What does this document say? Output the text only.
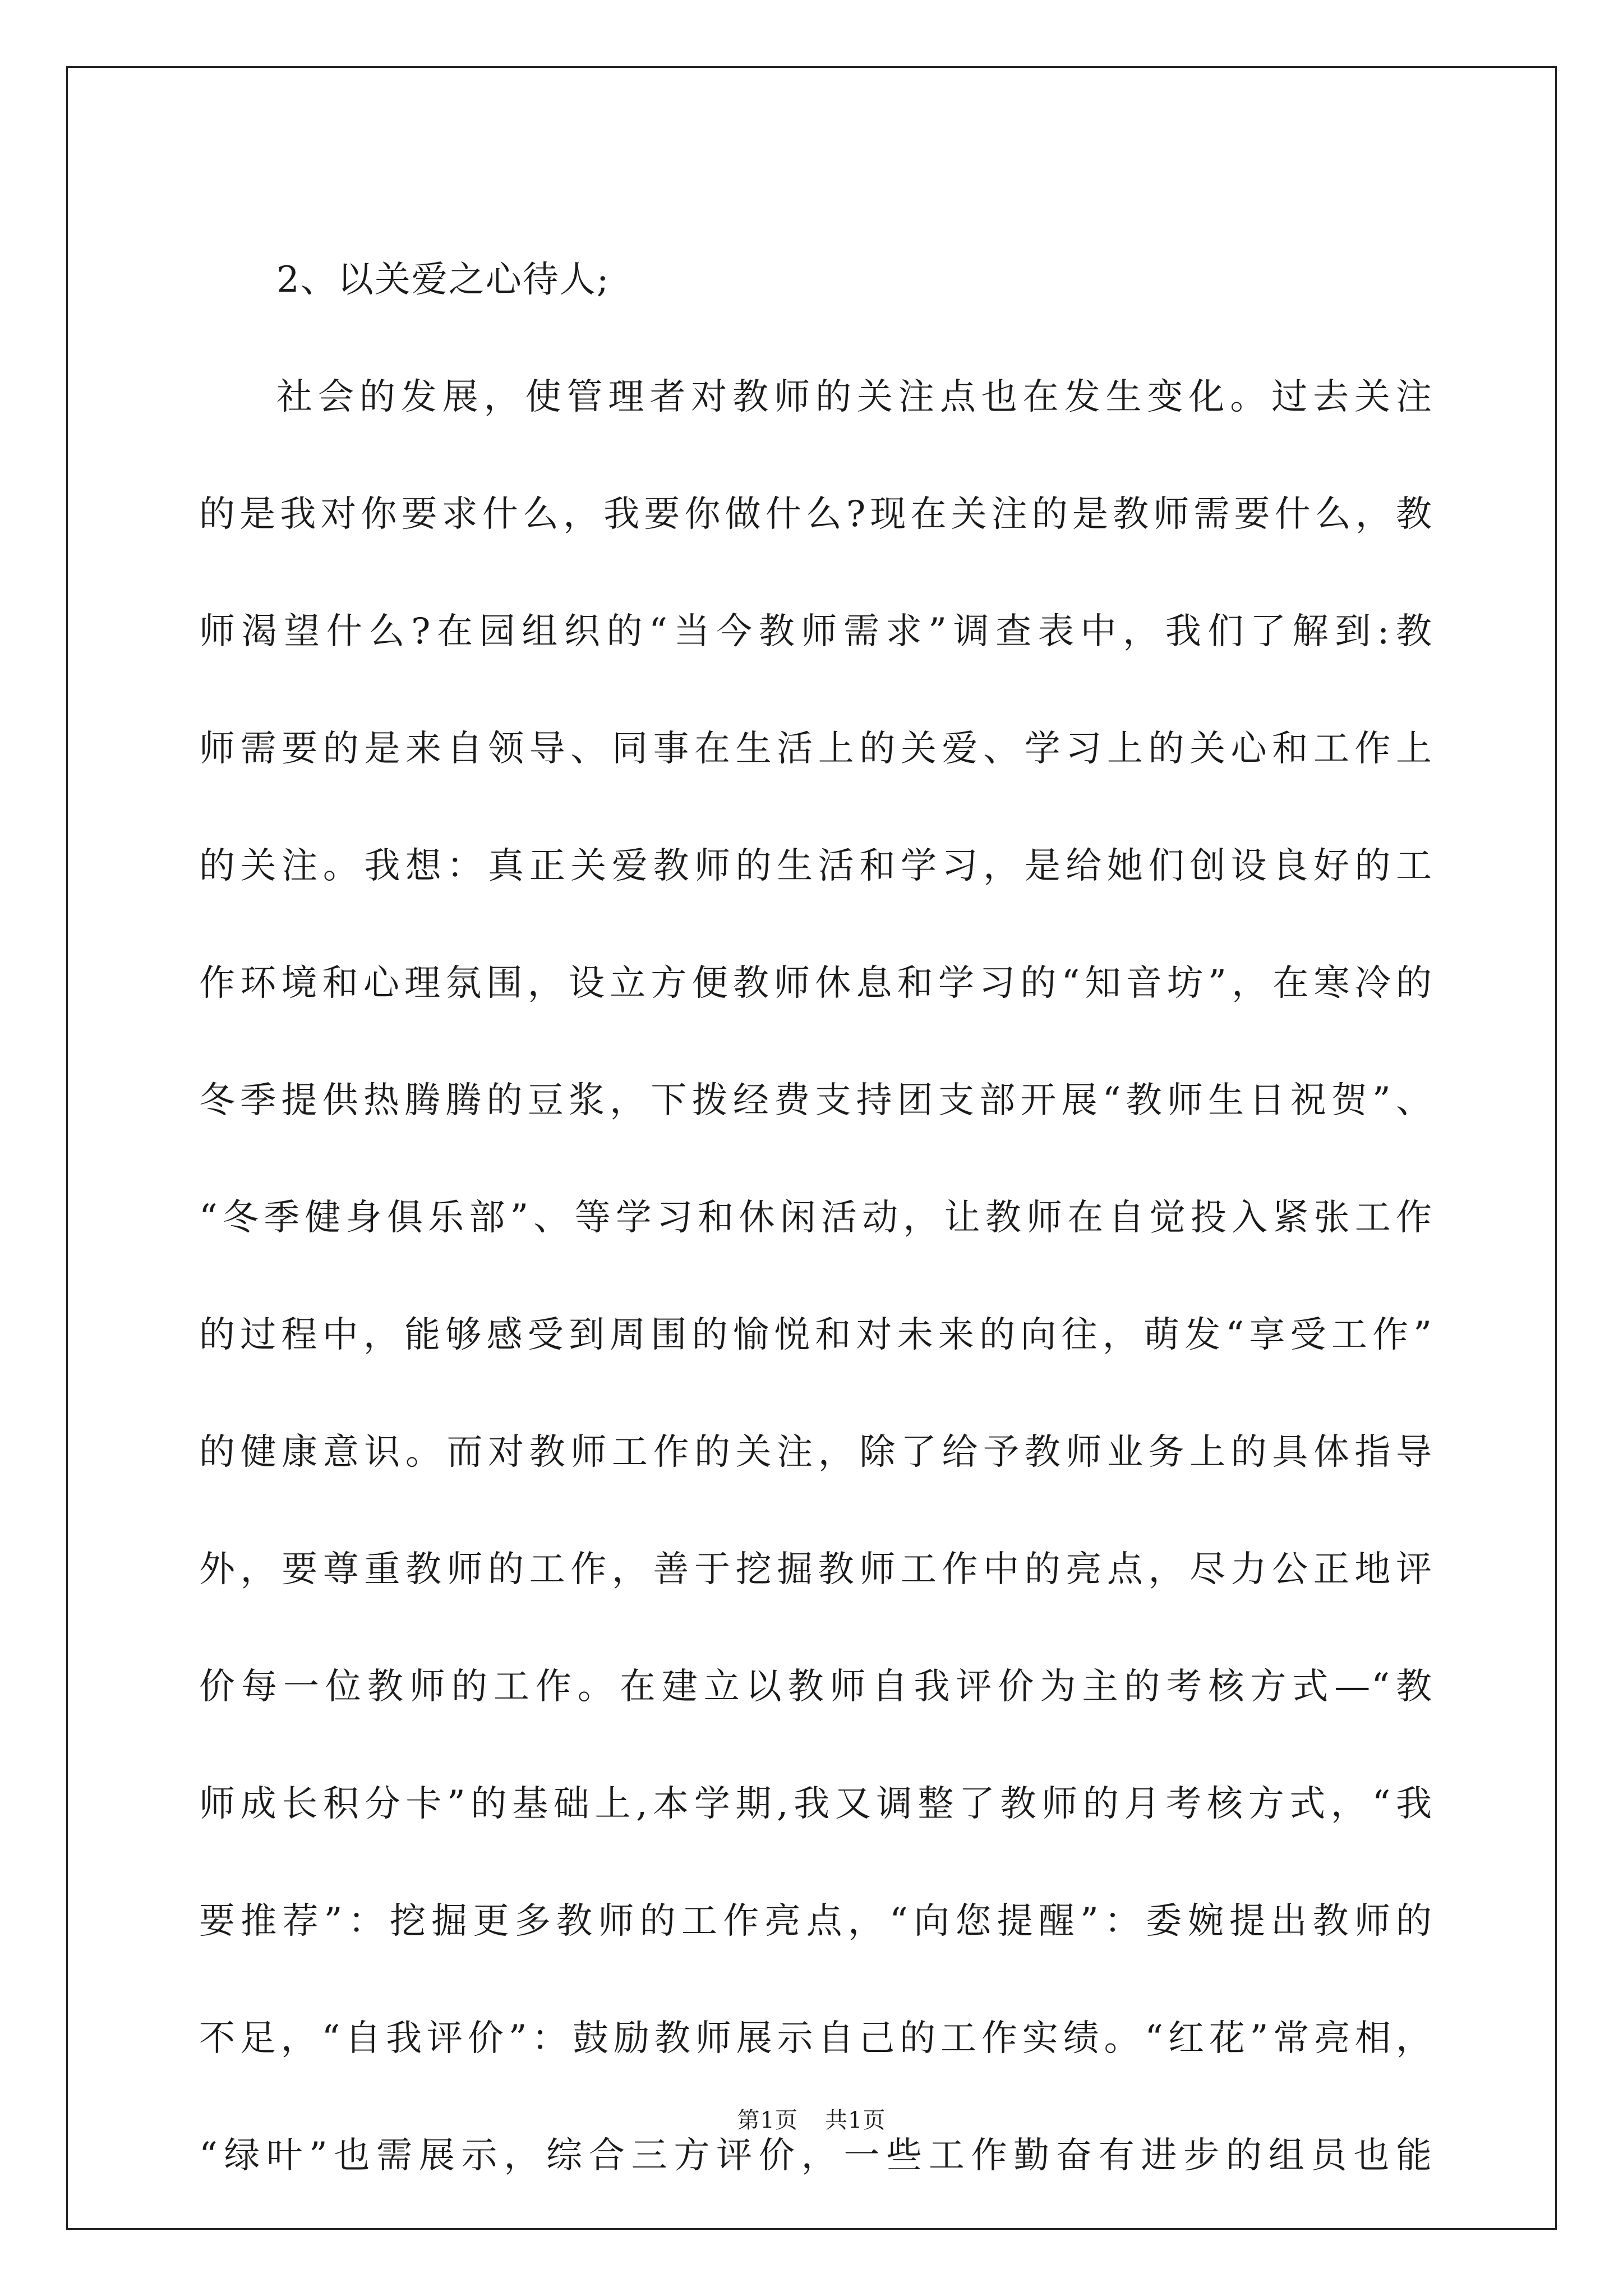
2、以关爱之心待人;
社会的发展，使管理者对教师的关注点也在发生变化。过去关注
的是我对你要求什么，我要你做什么?现在关注的是教师需要什么，教
师渴望什么?在园组织的“当今教师需求”调查表中，我们了解到:教
师需要的是来自领导、同事在生活上的关爱、学习上的关心和工作上
的关注。我想：真正关爱教师的生活和学习，是给她们创设良好的工
作环境和心理氛围，设立方便教师休息和学习的“知音坊”，在寒冷的
冬季提供热腾腾的豆浆，下拨经费支持团支部开展“教师生日祝贺”、
“冬季健身俱乐部”、等学习和休闲活动，让教师在自觉投入紧张工作
的过程中，能够感受到周围的愉悦和对未来的向往，萌发“享受工作”
的健康意识。而对教师工作的关注，除了给予教师业务上的具体指导
外，要尊重教师的工作，善于挖掘教师工作中的亮点，尽力公正地评
价每一位教师的工作。在建立以教师自我评价为主的考核方式—“教
师成长积分卡”的基础上,本学期,我又调整了教师的月考核方式，“我
要推荐”：挖掘更多教师的工作亮点，“向您提醒”：委婉提出教师的
不足，“自我评价”：鼓励教师展示自己的工作实绩。“红花”常亮相，
“绿叶”也需展示，综合三方评价，一些工作勤奋有进步的组员也能
第1页 共1页
